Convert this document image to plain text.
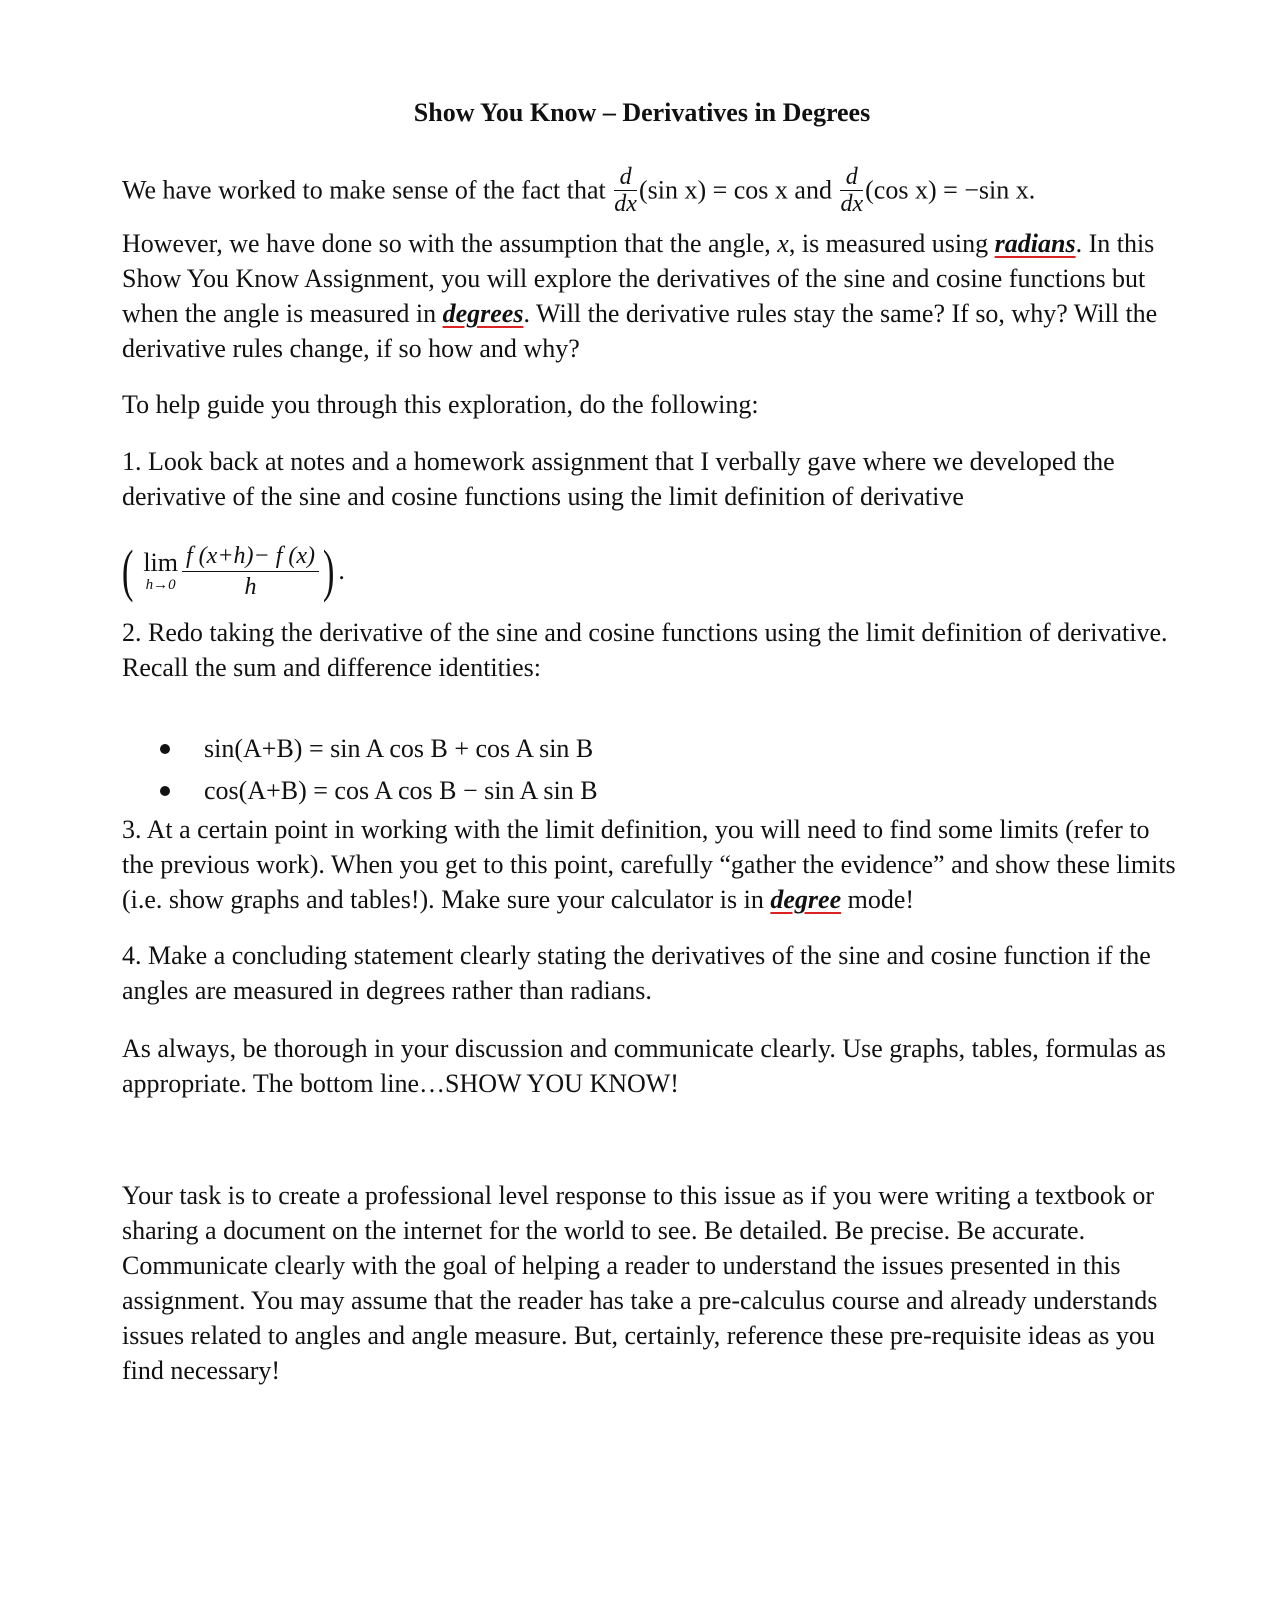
Show You Know – Derivatives in Degrees

We have worked to make sense of the fact that $\frac{d}{dx} (\sin$ x) = cos x and $\frac{d}{dx} (\cos$ x) = −sin x.

However, we have done so with the assumption that the angle, x, is measured using radians. In this Show You Know Assignment, you will explore the derivatives of the sine and cosine functions but when the angle is measured in degrees. Will the derivative rules stay the same? If so, why? Will the derivative rules change, if so how and why?

To help guide you through this exploration, do the following:

1. Look back at notes and a homework assignment that I verbally gave where we developed the derivative of the sine and cosine functions using the limit definition of derivative

( lim
$h\to 0 \frac{f (x+h)- f (x)}{h}$ ) .

2. Redo taking the derivative of the sine and cosine functions using the limit definition of derivative. Recall the sum and difference identities:

sin(A+B) = sin A cos B + cos A sin B
cos(A+B) = cos A cos B − sin A sin B

3. At a certain point in working with the limit definition, you will need to find some limits (refer to the previous work). When you get to this point, carefully “gather the evidence” and show these limits (i.e. show graphs and tables!). Make sure your calculator is in degree mode!

4. Make a concluding statement clearly stating the derivatives of the sine and cosine function if the angles are measured in degrees rather than radians.

As always, be thorough in your discussion and communicate clearly. Use graphs, tables, formulas as appropriate. The bottom line…SHOW YOU KNOW!

Your task is to create a professional level response to this issue as if you were writing a textbook or sharing a document on the internet for the world to see. Be detailed. Be precise. Be accurate. Communicate clearly with the goal of helping a reader to understand the issues presented in this assignment. You may assume that the reader has take a pre-calculus course and already understands issues related to angles and angle measure. But, certainly, reference these pre-requisite ideas as you find necessary!
